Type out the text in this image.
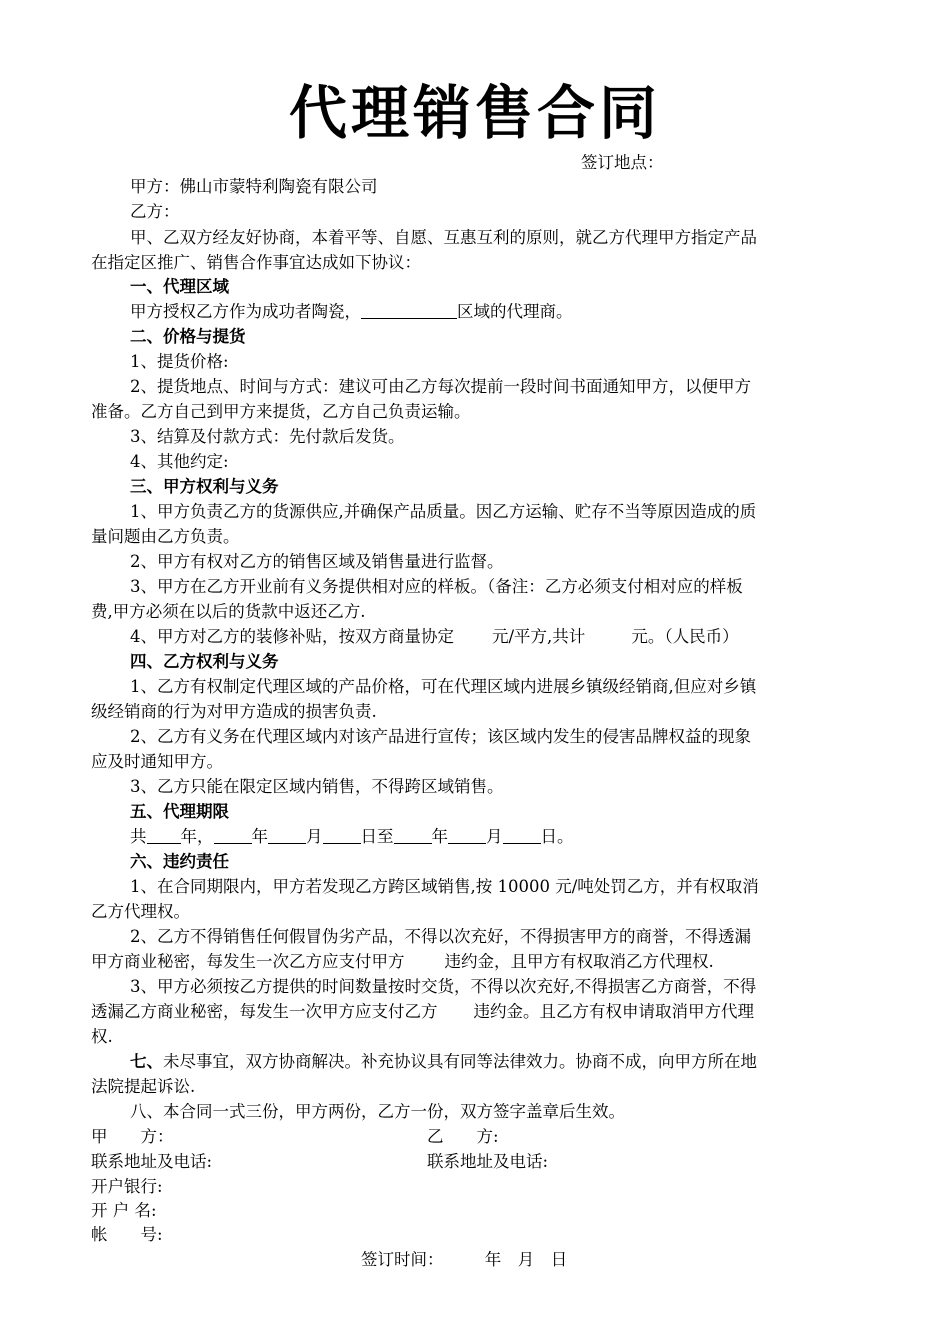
代理销售合同
签订地点：
甲方：佛山市蒙特利陶瓷有限公司
乙方：
甲、乙双方经友好协商，本着平等、自愿、互惠互利的原则，就乙方代理甲方指定产品
在指定区推广、销售合作事宜达成如下协议：
一、代理区域
甲方授权乙方作为成功者陶瓷，	区域的代理商。
二、价格与提货
1、提货价格:
2、提货地点、时间与方式：建议可由乙方每次提前一段时间书面通知甲方，以便甲方
准备。乙方自己到甲方来提货，乙方自己负责运输。
3、结算及付款方式：先付款后发货。
4、其他约定:
三、甲方权利与义务
1、甲方负责乙方的货源供应,并确保产品质量。因乙方运输、贮存不当等原因造成的质
量问题由乙方负责。
2、甲方有权对乙方的销售区域及销售量进行监督。
3、甲方在乙方开业前有义务提供相对应的样板。（备注：乙方必须支付相对应的样板
费,甲方必须在以后的货款中返还乙方.
4、甲方对乙方的装修补贴，按双方商量协定 元/平方,共计	元。（人民币）
四、乙方权利与义务
1、乙方有权制定代理区域的产品价格，可在代理区域内进展乡镇级经销商,但应对乡镇
级经销商的行为对甲方造成的损害负责.
2、乙方有义务在代理区域内对该产品进行宣传；该区域内发生的侵害品牌权益的现象
应及时通知甲方。
3、乙方只能在限定区域内销售，不得跨区域销售。
五、代理期限
共 年， 年 月 日至 年 月 日。
六、违约责任
1、在合同期限内，甲方若发现乙方跨区域销售,按 10000 元/吨处罚乙方，并有权取消
乙方代理权。
2、乙方不得销售任何假冒伪劣产品，不得以次充好，不得损害甲方的商誉，不得透漏
甲方商业秘密，每发生一次乙方应支付甲方 违约金，且甲方有权取消乙方代理权.
3、甲方必须按乙方提供的时间数量按时交货，不得以次充好,不得损害乙方商誉，不得
透漏乙方商业秘密，每发生一次甲方应支付乙方 违约金。且乙方有权申请取消甲方代理
权.
七、未尽事宜，双方协商解决。补充协议具有同等法律效力。协商不成，向甲方所在地
法院提起诉讼.
八、本合同一式三份，甲方两份，乙方一份，双方签字盖章后生效。
甲　　方：	乙　　方:
联系地址及电话:	联系地址及电话:
开户银行:
开 户 名:
帐　　号:
签订时间：　　　年　月　日
